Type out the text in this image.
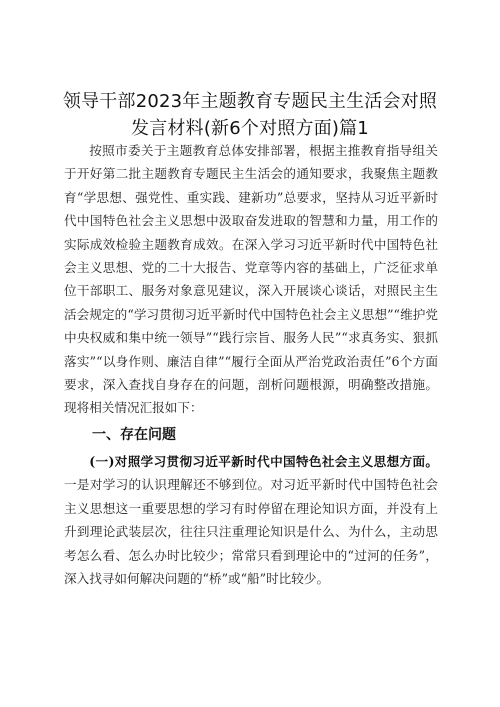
领导干部2023年主题教育专题民主生活会对照发言材料(新6个对照方面)篇1

按照市委关于主题教育总体安排部署，根据主推教育指导组关于开好第二批主题教育专题民主生活会的通知要求，我聚焦主题教育“学思想、强党性、重实践、建新功”总要求，坚持从习近平新时代中国特色社会主义思想中汲取奋发进取的智慧和力量，用工作的实际成效检验主题教育成效。在深入学习习近平新时代中国特色社会主义思想、党的二十大报告、党章等内容的基础上，广泛征求单位干部职工、服务对象意见建议，深入开展谈心谈话，对照民主生活会规定的“学习贯彻习近平新时代中国特色社会主义思想”“维护党中央权威和集中统一领导”“践行宗旨、服务人民”“求真务实、狠抓落实”“以身作则、廉洁自律”“履行全面从严治党政治责任”6个方面要求，深入查找自身存在的问题，剖析问题根源，明确整改措施。现将相关情况汇报如下：

一、存在问题

(一)对照学习贯彻习近平新时代中国特色社会主义思想方面。一是对学习的认识理解还不够到位。对习近平新时代中国特色社会主义思想这一重要思想的学习有时停留在理论知识方面，并没有上升到理论武装层次，往往只注重理论知识是什么、为什么，主动思考怎么看、怎么办时比较少；常常只看到理论中的“过河的任务”，深入找寻如何解决问题的“桥”或“船”时比较少。
